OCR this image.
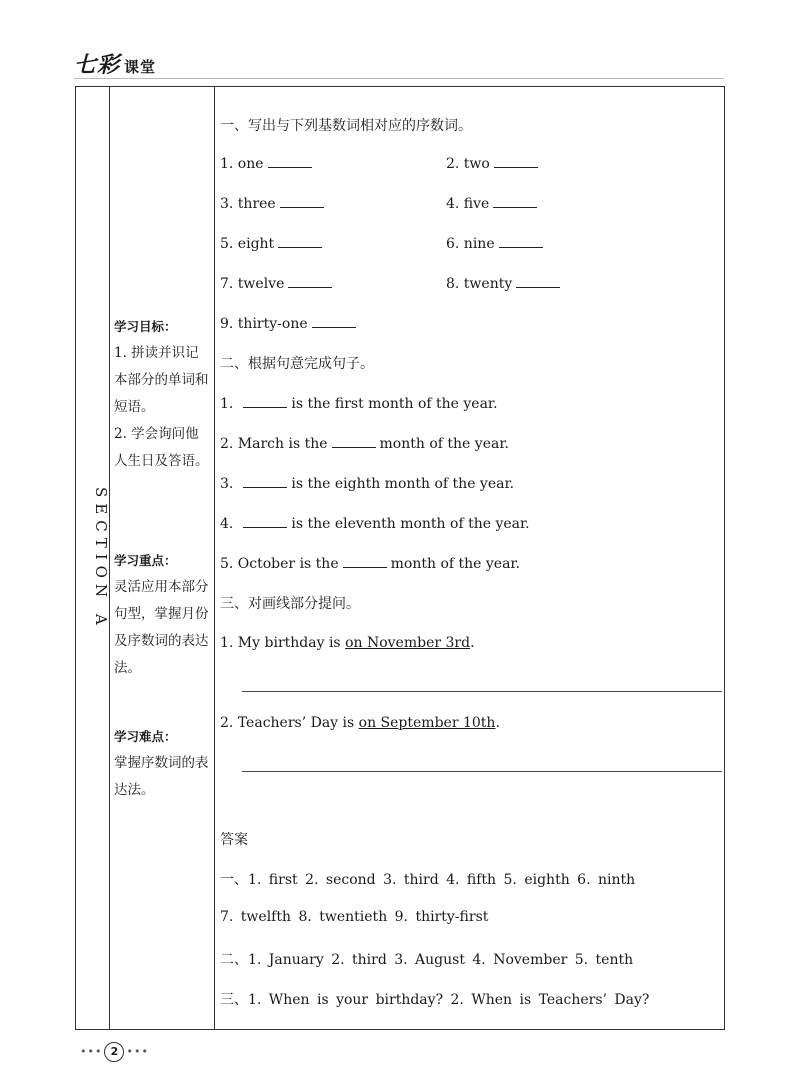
七彩 课堂
SECTION A
学习目标：
1. 拼读并识记本部分的单词和短语。
2. 学会询问他人生日及答语。
学习重点：
灵活应用本部分句型，掌握月份及序数词的表达法。
学习难点：
掌握序数词的表达法。
一、写出与下列基数词相对应的序数词。
1. one	2. two
3. three	4. five
5. eight	6. nine
7. twelve	8. twenty
9. thirty-one
二、根据句意完成句子。
1.	is the first month of the year.
2. March is the	month of the year.
3.	is the eighth month of the year.
4.	is the eleventh month of the year.
5. October is the	month of the year.
三、对画线部分提问。
1. My birthday is on November 3rd.
2. Teachers’ Day is on September 10th.
答案
一、1. first 2. second 3. third 4. fifth 5. eighth 6. ninth
7. twelfth 8. twentieth 9. thirty-first
二、1. January 2. third 3. August 4. November 5. tenth
三、1. When is your birthday? 2. When is Teachers’ Day?
••• 2 •••
